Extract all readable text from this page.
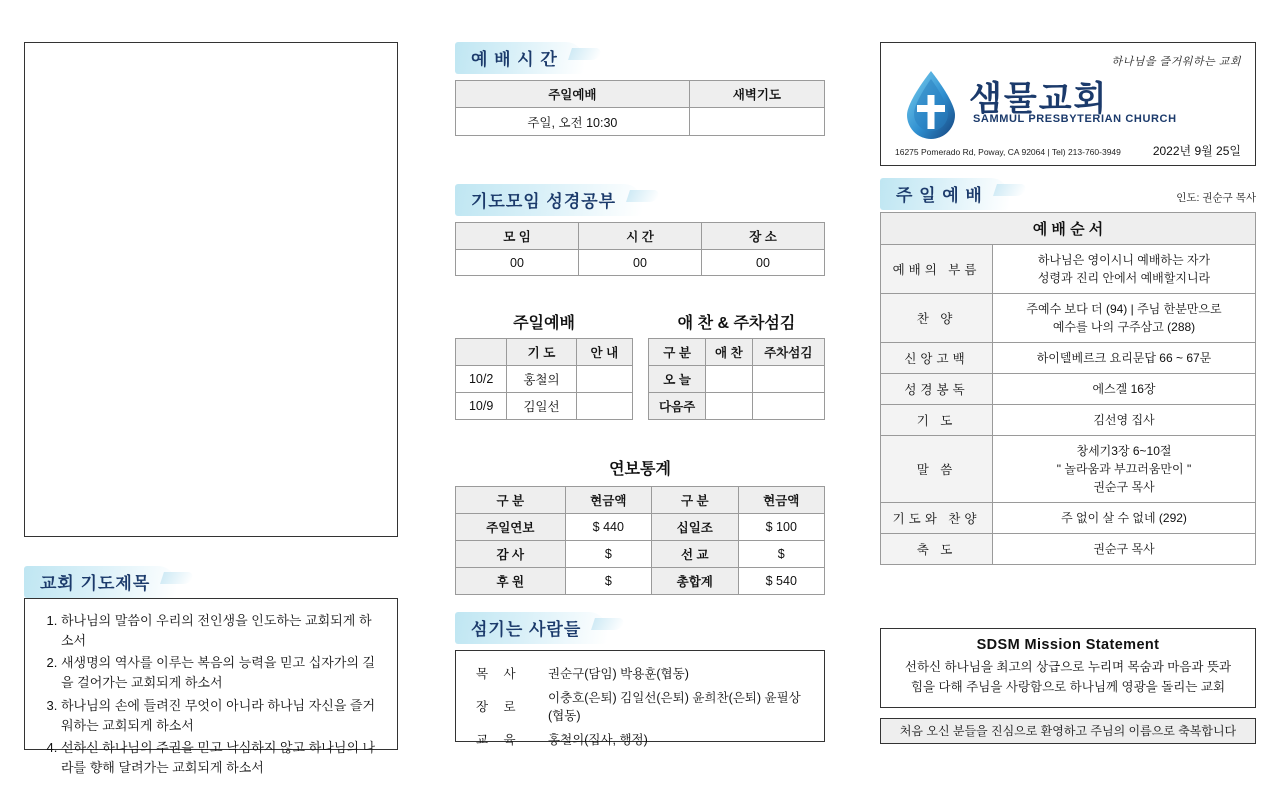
교회 기도제목
1. 하나님의 말씀이 우리의 전인생을 인도하는 교회되게 하소서
2. 새생명의 역사를 이루는 복음의 능력을 믿고 십자가의 길을 걸어가는 교회되게 하소서
3. 하나님의 손에 들려진 무엇이 아니라 하나님 자신을 즐거워하는 교회되게 하소서
4. 선하신 하나님의 주권을 믿고 낙심하지 않고 하나님의 나라를 향해 달려가는 교회되게 하소서
예 배 시 간
주일예배	새벽기도
주일, 오전 10:30	
기도모임 성경공부
모 임	시 간	장 소
00	00	00
주일예배	애 찬 & 주차섬김
	기 도	안 내
10/2	홍철의	
10/9	김일선	
구 분	애 찬	주차섬김
오 늘		
다음주		
연보통계
구 분	현금액	구 분	현금액
주일연보	$ 440	십일조	$ 100
감 사	$	선 교	$
후 원	$	총합계	$ 540
섬기는 사람들
목 사	권순구(담임) 박용훈(협동)
장 로	이충호(은퇴) 김일선(은퇴) 윤희찬(은퇴) 윤필상(협동)
교 육	홍철의(집사, 행정)
하나님을 즐거워하는 교회
샘물교회
SAMMUL PRESBYTERIAN CHURCH
16275 Pomerado Rd, Poway, CA 92064 | Tel) 213-760-3949	2022년 9월 25일
주 일 예 배	인도: 권순구 목사
예 배 순 서	
예배의 부름	하나님은 영이시니 예배하는 자가
성령과 진리 안에서 예배할지니라
찬 양	주예수 보다 더 (94) | 주님 한분만으로
예수를 나의 구주삼고 (288)
신앙고백	하이델베르크 요리문답 66 ~ 67문
성경봉독	에스겔 16장
기 도	김선영 집사
말 씀	창세기3장 6~10절
" 놀라움과 부끄러움만이 "
권순구 목사
기도와 찬양	주 없이 살 수 없네 (292)
축 도	권순구 목사
SDSM Mission Statement
선하신 하나님을 최고의 상급으로 누리며 목숨과 마음과 뜻과
힘을 다해 주님을 사랑함으로 하나님께 영광을 돌리는 교회
처음 오신 분들을 진심으로 환영하고 주님의 이름으로 축복합니다
